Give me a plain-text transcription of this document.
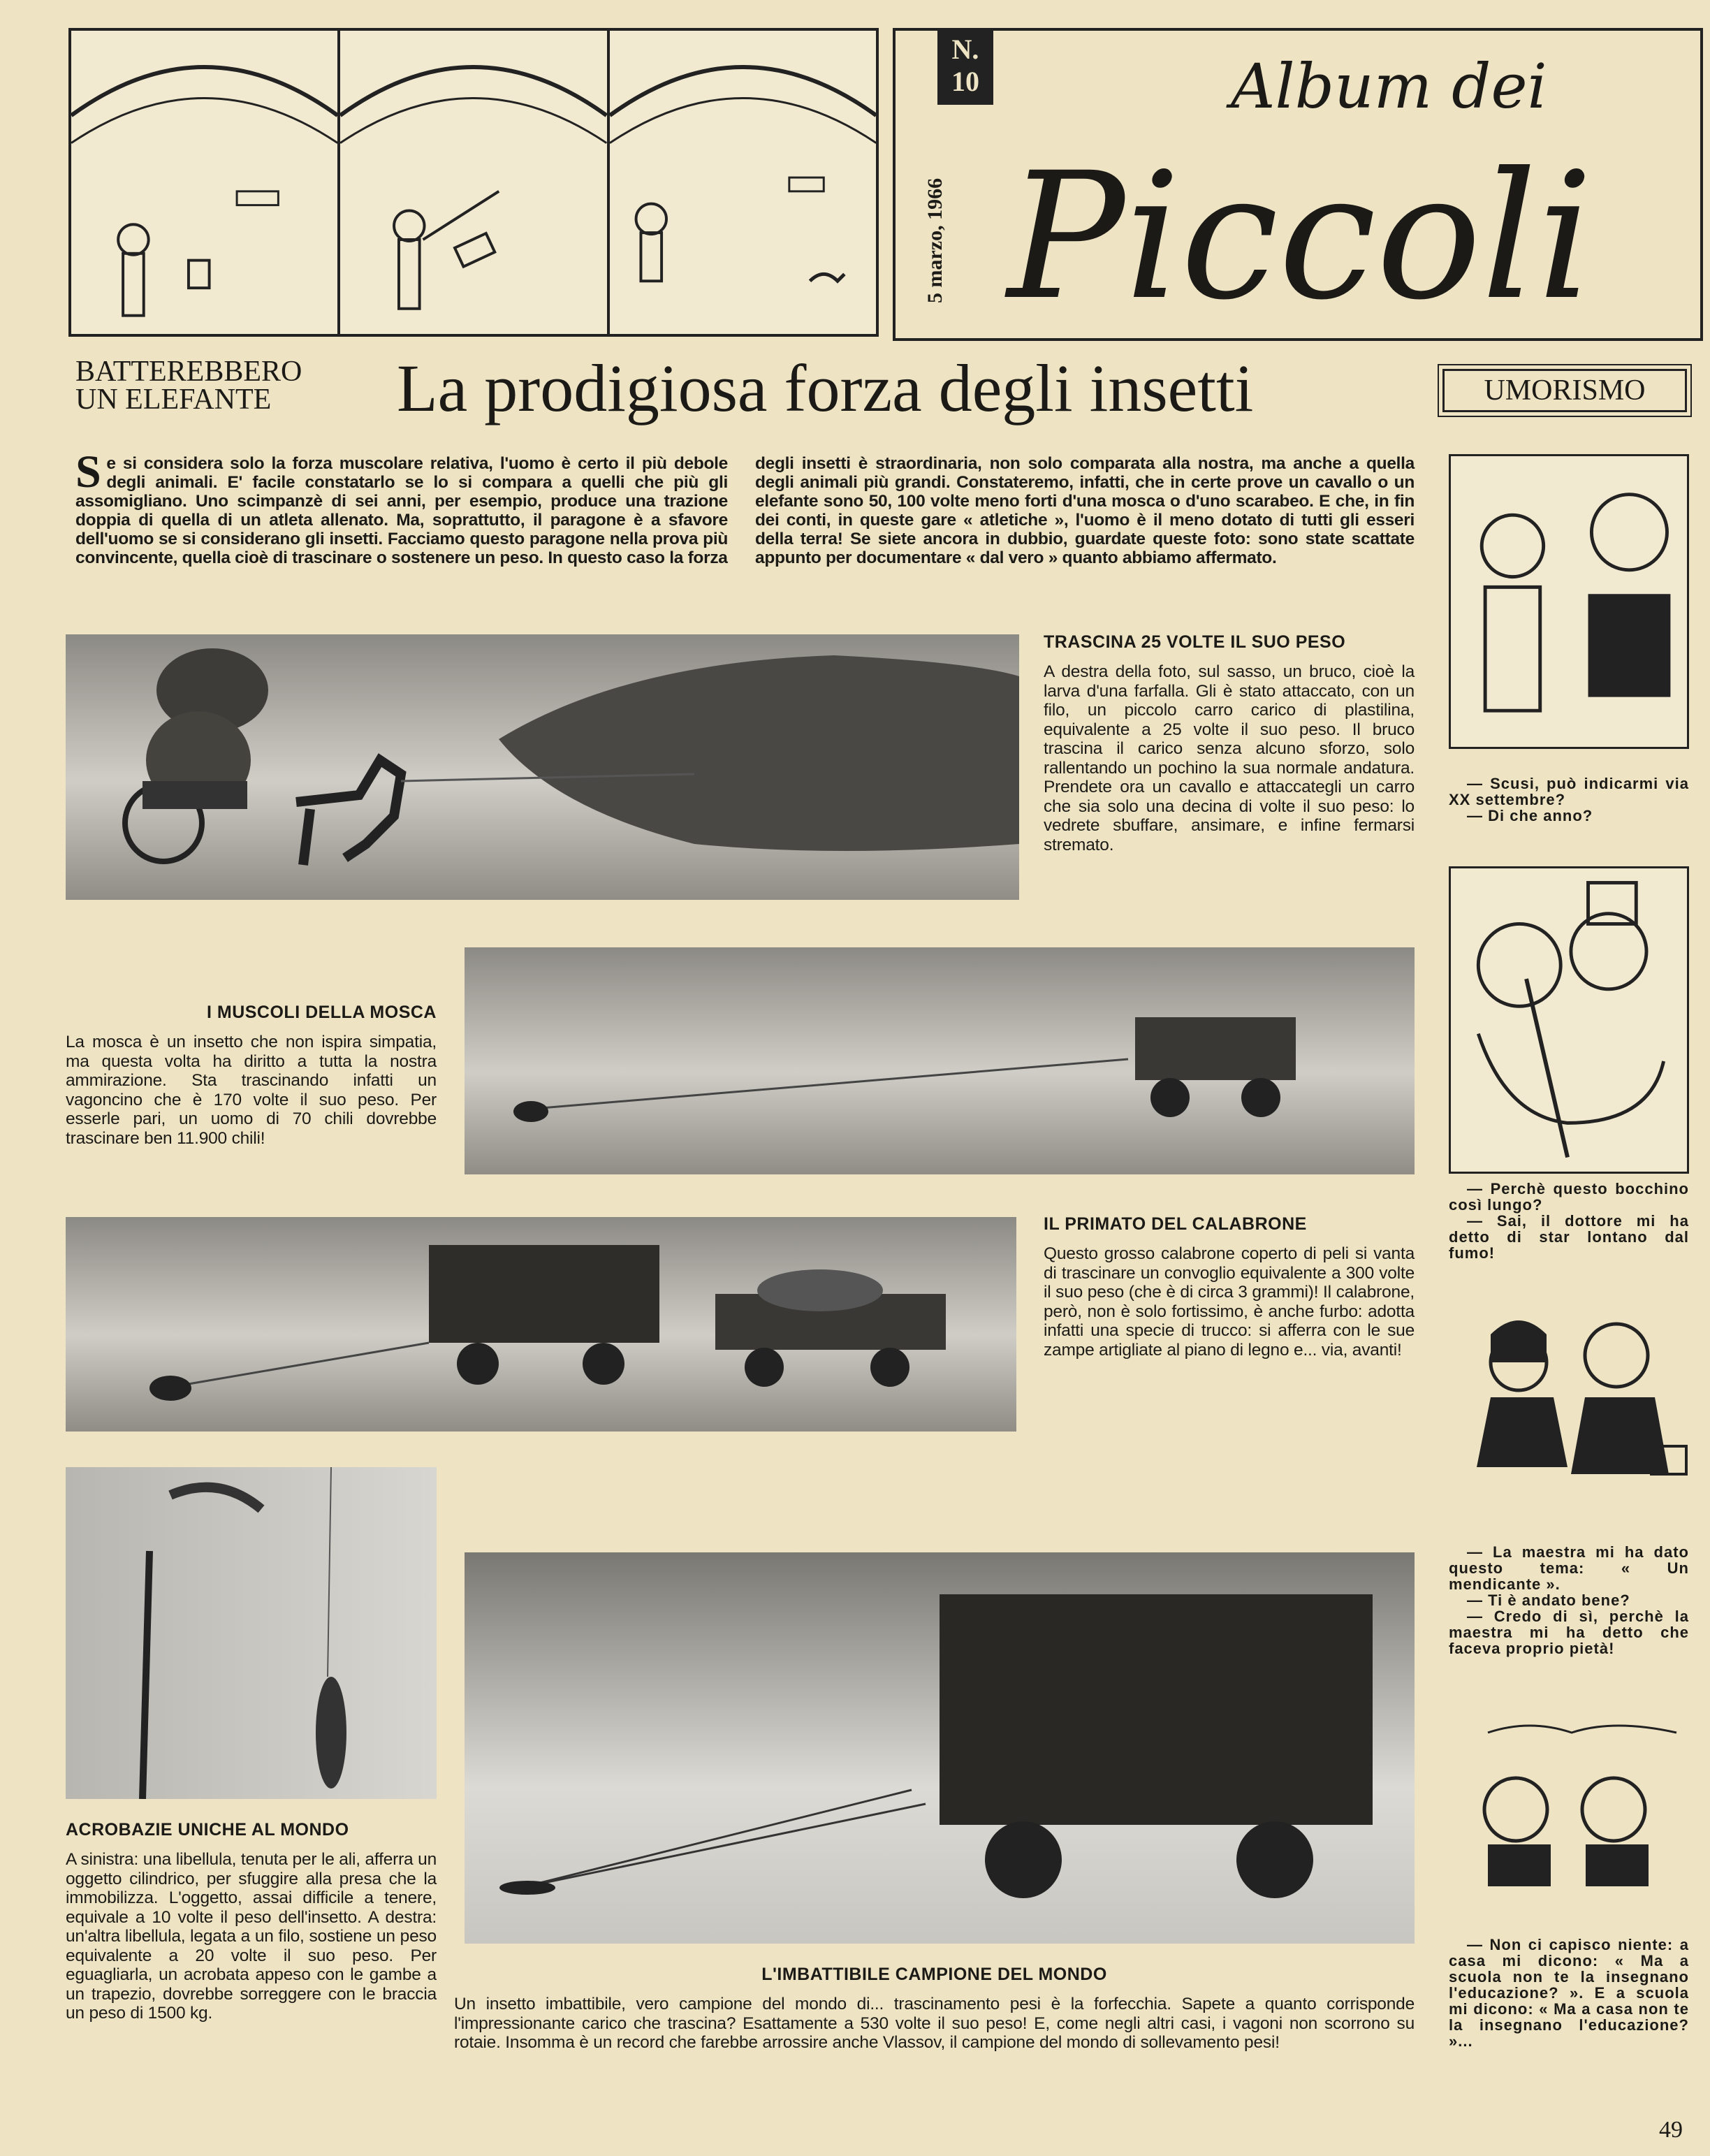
N.
10
5 marzo, 1966
Album dei
Piccoli
BATTEREBBERO
UN ELEFANTE	La prodigiosa forza degli insetti	UMORISMO
Se si considera solo la forza muscolare relativa, l'uomo è certo il più debole degli animali. E' facile constatarlo se lo si compara a quelli che più gli assomigliano. Uno scimpanzè di sei anni, per esempio, produce una trazione doppia di quella di un atleta allenato. Ma, soprattutto, il paragone è a sfavore dell'uomo se si considerano gli insetti. Facciamo questo paragone nella prova più convincente, quella cioè di trascinare o sostenere un peso. In questo caso la forza
degli insetti è straordinaria, non solo comparata alla nostra, ma anche a quella degli animali più grandi. Constateremo, infatti, che in certe prove un cavallo o un elefante sono 50, 100 volte meno forti d'una mosca o d'uno scarabeo. E che, in fin dei conti, in queste gare « atletiche », l'uomo è il meno dotato di tutti gli esseri della terra! Se siete ancora in dubbio, guardate queste foto: sono state scattate appunto per documentare « dal vero » quanto abbiamo affermato.
TRASCINA 25 VOLTE IL SUO PESO
A destra della foto, sul sasso, un bruco, cioè la larva d'una farfalla. Gli è stato attaccato, con un filo, un piccolo carro carico di plastilina, equivalente a 25 volte il suo peso. Il bruco trascina il carico senza alcuno sforzo, solo rallentando un pochino la sua normale andatura. Prendete ora un cavallo e attaccategli un carro che sia solo una decina di volte il suo peso: lo vedrete sbuffare, ansimare, e infine fermarsi stremato.
I MUSCOLI DELLA MOSCA
La mosca è un insetto che non ispira simpatia, ma questa volta ha diritto a tutta la nostra ammirazione. Sta trascinando infatti un vagoncino che è 170 volte il suo peso. Per esserle pari, un uomo di 70 chili dovrebbe trascinare ben 11.900 chili!
IL PRIMATO DEL CALABRONE
Questo grosso calabrone coperto di peli si vanta di trascinare un convoglio equivalente a 300 volte il suo peso (che è di circa 3 grammi)! Il calabrone, però, non è solo fortissimo, è anche furbo: adotta infatti una specie di trucco: si afferra con le sue zampe artigliate al piano di legno e... via, avanti!
ACROBAZIE UNICHE AL MONDO
A sinistra: una libellula, tenuta per le ali, afferra un oggetto cilindrico, per sfuggire alla presa che la immobilizza. L'oggetto, assai difficile a tenere, equivale a 10 volte il peso dell'insetto. A destra: un'altra libellula, legata a un filo, sostiene un peso equivalente a 20 volte il suo peso. Per eguagliarla, un acrobata appeso con le gambe a un trapezio, dovrebbe sorreggere con le braccia un peso di 1500 kg.
L'IMBATTIBILE CAMPIONE DEL MONDO
Un insetto imbattibile, vero campione del mondo di... trascinamento pesi è la forfecchia. Sapete a quanto corrisponde l'impressionante carico che trascina? Esattamente a 530 volte il suo peso! E, come negli altri casi, i vagoni non scorrono su rotaie. Insomma è un record che farebbe arrossire anche Vlassov, il campione del mondo di sollevamento pesi!

— Scusi, può indicarmi via XX settembre?

— Di che anno?

— Perchè questo bocchino così lungo?

— Sai, il dottore mi ha detto di star lontano dal fumo!

— La maestra mi ha dato questo tema: « Un mendicante ».

— Ti è andato bene?

— Credo di sì, perchè la maestra mi ha detto che faceva proprio pietà!

— Non ci capisco niente: a casa mi dicono: « Ma a scuola non te la insegnano l'educazione? ». E a scuola mi dicono: « Ma a casa non te la insegnano l'educazione? »...

49
